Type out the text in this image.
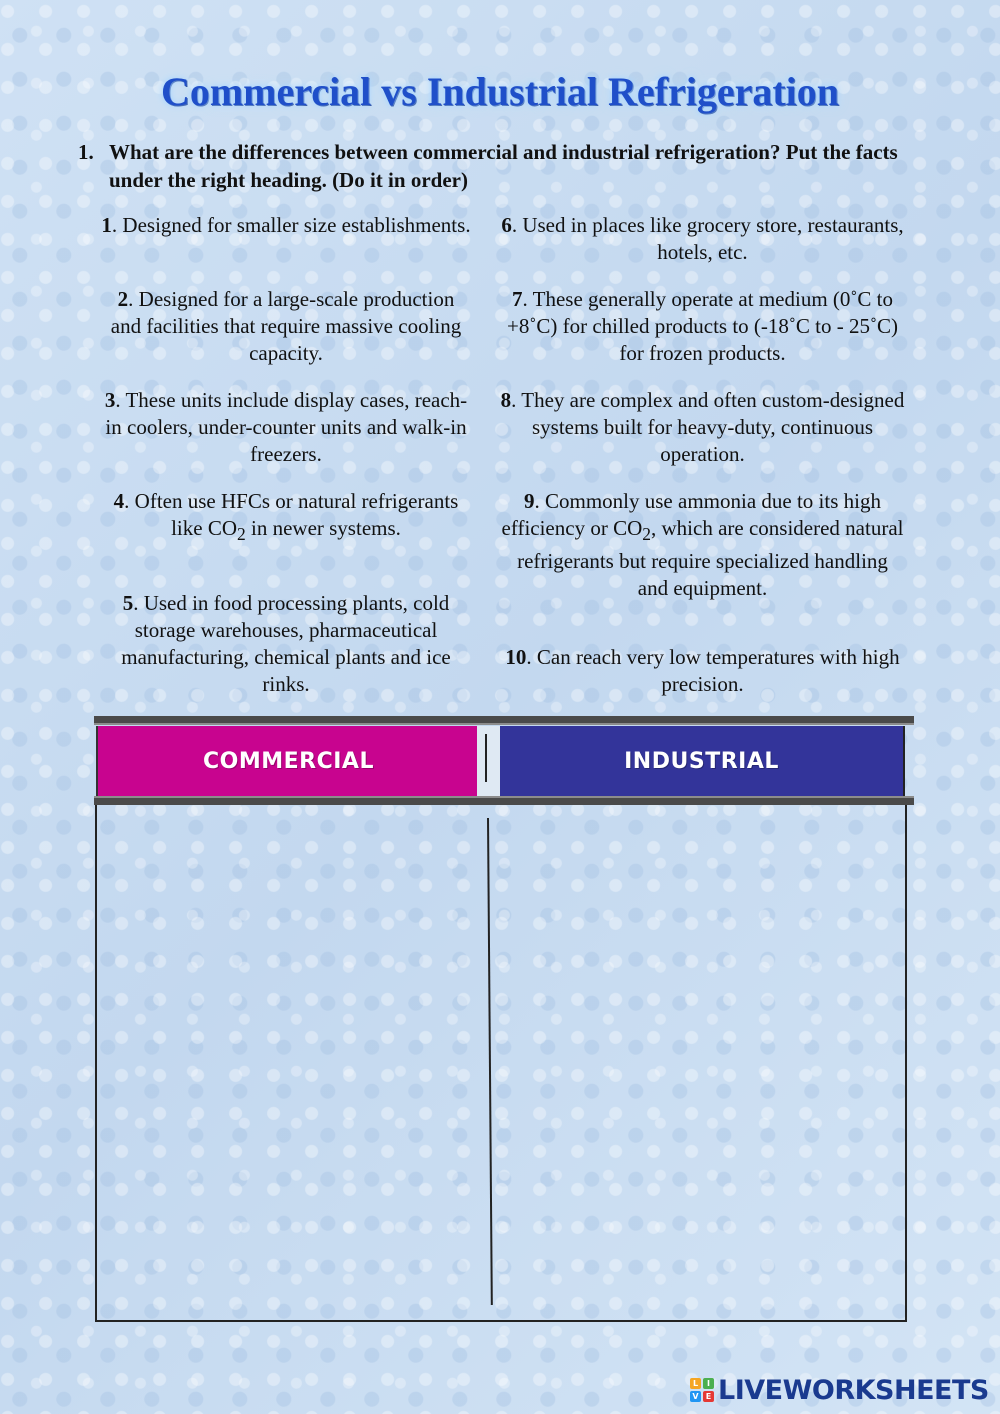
Commercial vs Industrial Refrigeration
1. What are the differences between commercial and industrial refrigeration? Put the facts under the right heading. (Do it in order)
1. Designed for smaller size establishments.
2. Designed for a large-scale production and facilities that require massive cooling capacity.
3. These units include display cases, reach-in coolers, under-counter units and walk-in freezers.
4. Often use HFCs or natural refrigerants like $CO_2$ in newer systems.
5. Used in food processing plants, cold storage warehouses, pharmaceutical manufacturing, chemical plants and ice rinks.
6. Used in places like grocery store, restaurants, hotels, etc.
7. These generally operate at medium (0˚C to +8˚C) for chilled products to (-18˚C to - 25˚C) for frozen products.
8. They are complex and often custom-designed systems built for heavy-duty, continuous operation.
9. Commonly use ammonia due to its high efficiency or $CO_2$, which are considered natural refrigerants but require specialized handling and equipment.
10. Can reach very low temperatures with high precision.
COMMERCIAL	INDUSTRIAL
L	I
V E LIVEWORKSHEETS
